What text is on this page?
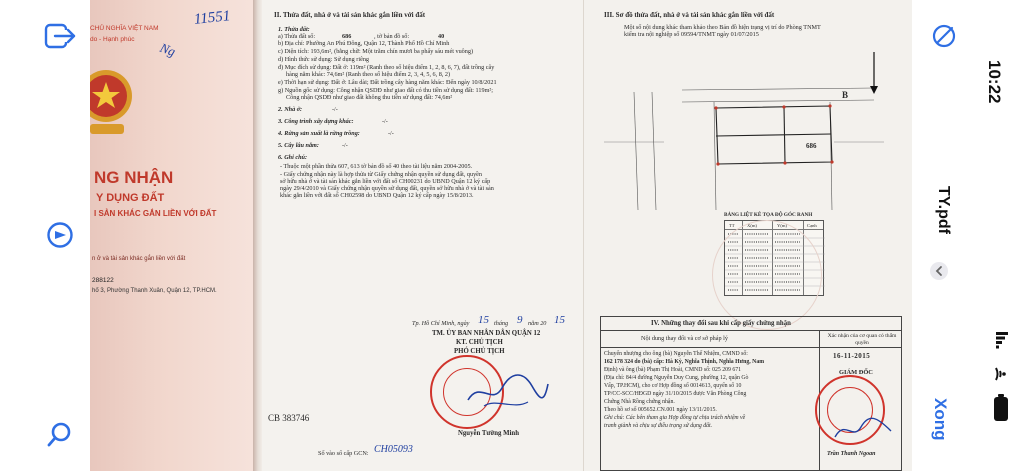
CHỦ NGHĨA VIỆT NAM
do - Hạnh phúc
NG NHẬN
Y DỤNG ĐẤT
I SẢN KHÁC GẮN LIỀN VỚI ĐẤT
n ở và tài sản khác gắn liền với đất
288122
hố 3, Phường Thanh Xuân, Quận 12, TP.HCM.
11551
Ng
II. Thửa đất, nhà ở và tài sản khác gắn liền với đất
1. Thửa đất:
a) Thửa đất số:	686	, tờ bản đồ số:	40
b) Địa chỉ: Phường An Phú Đông, Quận 12, Thành Phố Hồ Chí Minh
c) Diện tích: 193,6m², (bằng chữ: Một trăm chín mươi ba phẩy sáu mét vuông)
d) Hình thức sử dụng: Sử dụng riêng
đ) Mục đích sử dụng: Đất ở: 119m² (Ranh theo số hiệu điểm 1, 2, 8, 6, 7), đất trồng cây
hàng năm khác: 74,6m² (Ranh theo số hiệu điểm 2, 3, 4, 5, 6, 8, 2)
e) Thời hạn sử dụng: Đất ở: Lâu dài; Đất trồng cây hàng năm khác: Đến ngày 10/8/2021
g) Nguồn gốc sử dụng: Công nhận QSDĐ như giao đất có thu tiền sử dụng đất: 119m²;
Công nhận QSDĐ như giao đất không thu tiền sử dụng đất: 74,6m²
2. Nhà ở:	-/-
3. Công trình xây dựng khác:	-/-
4. Rừng sản xuất là rừng trồng:	-/-
5. Cây lâu năm:	-/-
6. Ghi chú:
- Thuộc một phần thửa 607, 613 tờ bản đồ số 40 theo tài liệu năm 2004-2005.
- Giấy chứng nhận này là hợp thửa từ Giấy chứng nhận quyền sử dụng đất, quyền
sở hữu nhà ở và tài sản khác gắn liền với đất số CH00231 do UBND Quận 12 ký cấp
ngày 29/4/2010 và Giấy chứng nhận quyền sử dụng đất, quyền sở hữu nhà ở và tài sản
khác gắn liền với đất số CH02598 do UBND Quận 12 ký cấp ngày 15/8/2013.
Tp. Hồ Chí Minh, ngày 15 tháng 9 năm 20 15
TM. ỦY BAN NHÂN DÂN QUẬN 12
KT. CHỦ TỊCH
PHÓ CHỦ TỊCH
Nguyễn Tường Minh
Số vào sổ cấp GCN: CH05093
CB 383746
III. Sơ đồ thửa đất, nhà ở và tài sản khác gắn liền với đất
Một số nội dung khác tham khảo theo Bản đồ hiện trạng vị trí do Phòng TNMT
kiểm tra nội nghiệp số 09594/TNMT ngày 01/07/2015
B
686
BẢNG LIỆT KÊ TỌA ĐỘ GÓC RANH
TT	X(m)	Y(m)	Cạnh
IV. Những thay đổi sau khi cấp giấy chứng nhận
Nội dung thay đổi và cơ sở pháp lý	Xác nhận của cơ quan có thẩm quyền
Chuyển nhượng cho ông (bà) Nguyễn Thế Nhiệm, CMND số:
162 178 324 do (bà) cấp: Hà Kỳ, Nghĩa Thịnh, Nghĩa Hưng, Nam
Định) và ông (bà) Phạm Thị Hoài, CMND số: 025 209 671
(Địa chỉ: 84/4 đường Nguyễn Duy Cung, phường 12, quận Gò
Vấp, TP.HCM), cho cơ Hợp đồng số 0014613, quyển số 10
TP/CC-SCC/HĐGD ngày 31/10/2015 được Văn Phòng Công
Chứng Nhà Rồng chứng nhận.
Theo hồ sơ số 005652.CN.001 ngày 13/11/2015.
Ghi chú: Các bên tham gia Hợp đồng tự chịu trách nhiệm về
tranh giành và chịu sự điều trạng sử dụng đất.
16-11-2015
GIÁM ĐỐC
Trần Thanh Ngoan
10:22
TY.pdf
Xong
